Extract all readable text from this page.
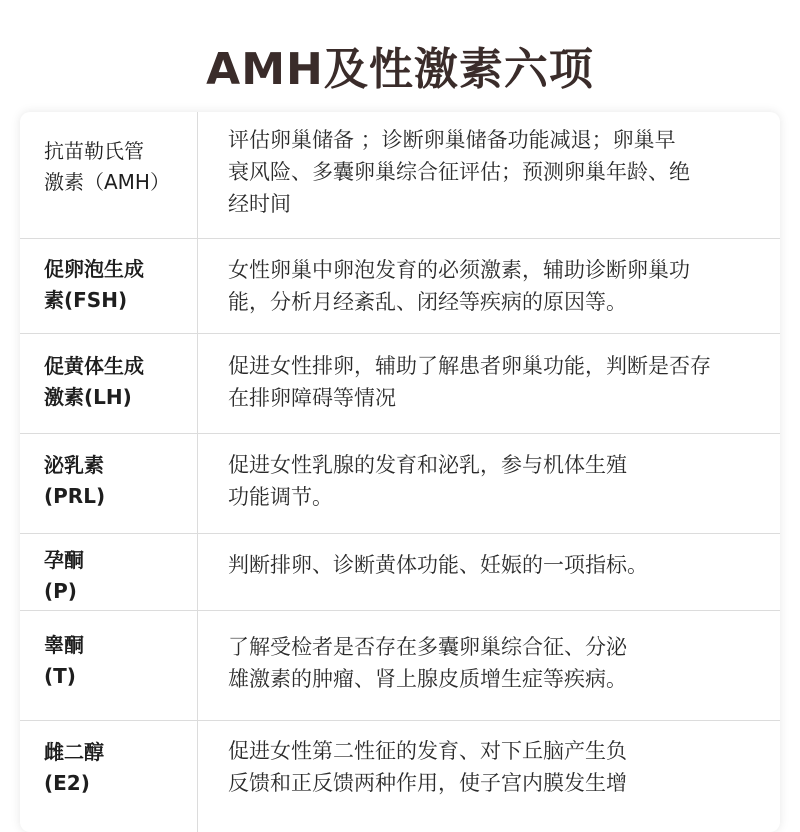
AMH及性激素六项
抗苗勒氏管
激素（AMH）
评估卵巢储备 ；诊断卵巢储备功能减退；卵巢早
衰风险、多囊卵巢综合征评估；预测卵巢年龄、绝
经时间
促卵泡生成
素(FSH)
女性卵巢中卵泡发育的必须激素，辅助诊断卵巢功
能，分析月经紊乱、闭经等疾病的原因等。
促黄体生成
激素(LH)
促进女性排卵，辅助了解患者卵巢功能，判断是否存
在排卵障碍等情况
泌乳素
(PRL)
促进女性乳腺的发育和泌乳，参与机体生殖
功能调节。
孕酮
(P)
判断排卵、诊断黄体功能、妊娠的一项指标。
睾酮
(T)
了解受检者是否存在多囊卵巢综合征、分泌
雄激素的肿瘤、肾上腺皮质增生症等疾病。
雌二醇
(E2)
促进女性第二性征的发育、对下丘脑产生负
反馈和正反馈两种作用，使子宫内膜发生增
